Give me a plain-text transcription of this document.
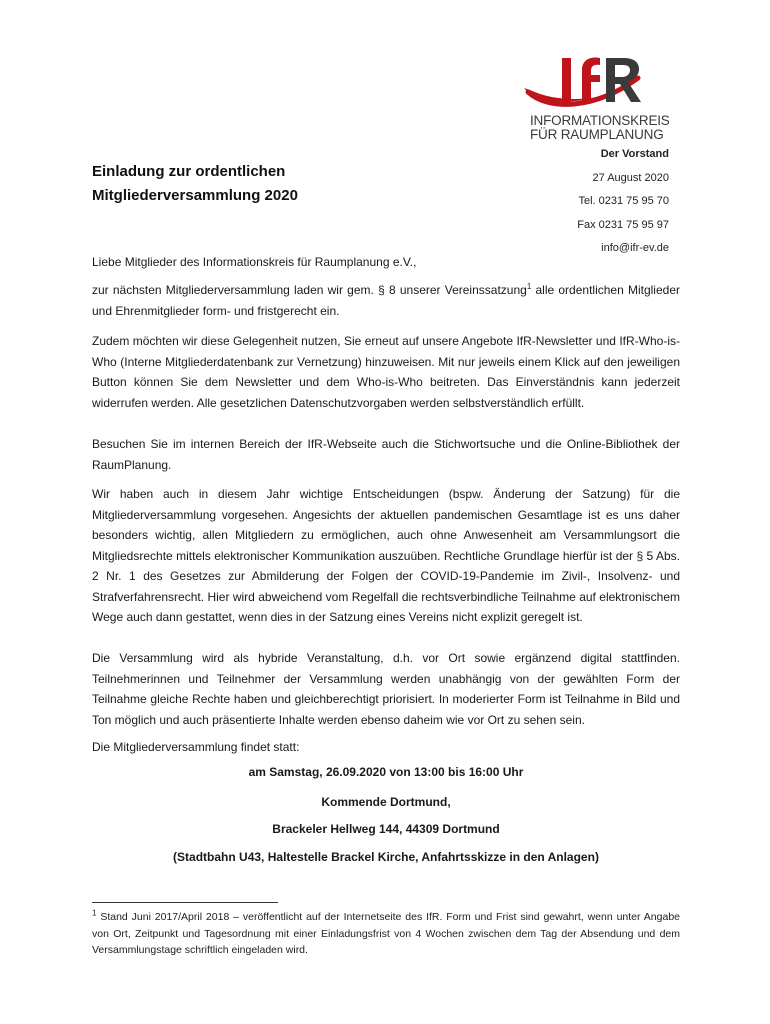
INFORMATIONSKREIS
FÜR RAUMPLANUNG
Der Vorstand
27 August 2020
Tel. 0231 75 95 70
Fax 0231 75 95 97
info@ifr-ev.de
Einladung zur ordentlichen
Mitgliederversammlung 2020
Liebe Mitglieder des Informationskreis für Raumplanung e.V.,
zur nächsten Mitgliederversammlung laden wir gem. § 8 unserer Vereinssatzung$^1$ alle ordentlichen Mitglieder und Ehrenmitglieder form- und fristgerecht ein.
Zudem möchten wir diese Gelegenheit nutzen, Sie erneut auf unsere Angebote IfR-Newsletter und IfR-Who-is-Who (Interne Mitgliederdatenbank zur Vernetzung) hinzuweisen. Mit nur jeweils einem Klick auf den jeweiligen Button können Sie dem Newsletter und dem Who-is-Who beitreten. Das Einverständnis kann jederzeit widerrufen werden. Alle gesetzlichen Datenschutzvorgaben werden selbstverständlich erfüllt.
Besuchen Sie im internen Bereich der IfR-Webseite auch die Stichwortsuche und die Online-Bibliothek der RaumPlanung.
Wir haben auch in diesem Jahr wichtige Entscheidungen (bspw. Änderung der Satzung) für die Mitgliederversammlung vorgesehen. Angesichts der aktuellen pandemischen Gesamtlage ist es uns daher besonders wichtig, allen Mitgliedern zu ermöglichen, auch ohne Anwesenheit am Versammlungsort die Mitgliedsrechte mittels elektronischer Kommunikation auszuüben. Rechtliche Grundlage hierfür ist der § 5 Abs. 2 Nr. 1 des Gesetzes zur Abmilderung der Folgen der COVID-19-Pandemie im Zivil-, Insolvenz- und Strafverfahrensrecht. Hier wird abweichend vom Regelfall die rechtsverbindliche Teilnahme auf elektronischem Wege auch dann gestattet, wenn dies in der Satzung eines Vereins nicht explizit geregelt ist.
Die Versammlung wird als hybride Veranstaltung, d.h. vor Ort sowie ergänzend digital stattfinden. Teilnehmerinnen und Teilnehmer der Versammlung werden unabhängig von der gewählten Form der Teilnahme gleiche Rechte haben und gleichberechtigt priorisiert. In moderierter Form ist Teilnahme in Bild und Ton möglich und auch präsentierte Inhalte werden ebenso daheim wie vor Ort zu sehen sein.
Die Mitgliederversammlung findet statt:
am Samstag, 26.09.2020 von 13:00 bis 16:00 Uhr
Kommende Dortmund,
Brackeler Hellweg 144, 44309 Dortmund
(Stadtbahn U43, Haltestelle Brackel Kirche, Anfahrtsskizze in den Anlagen)
$^1$ Stand Juni 2017/April 2018 – veröffentlicht auf der Internetseite des IfR. Form und Frist sind gewahrt, wenn unter Angabe von Ort, Zeitpunkt und Tagesordnung mit einer Einladungsfrist von 4 Wochen zwischen dem Tag der Absendung und dem Versammlungstage schriftlich eingeladen wird.
